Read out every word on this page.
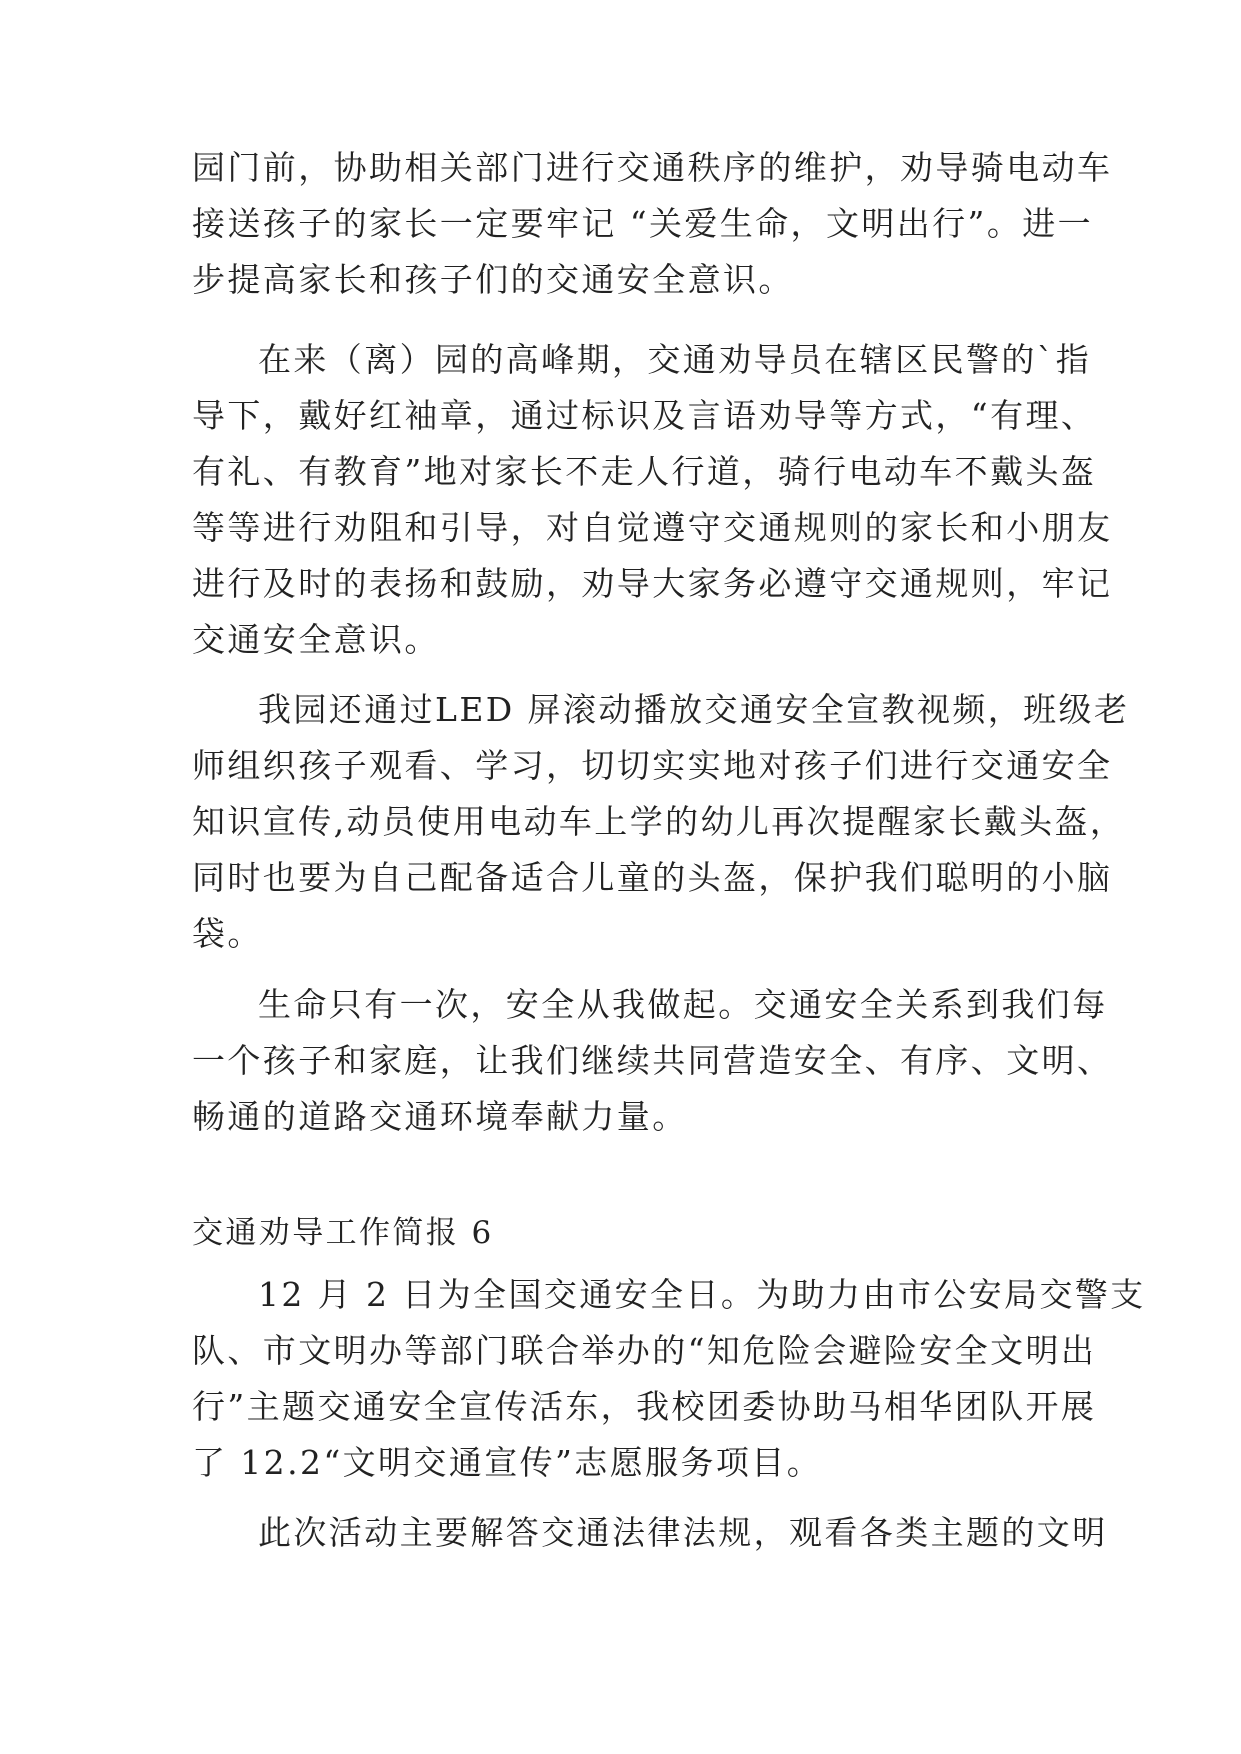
园门前，协助相关部门进行交通秩序的维护，劝导骑电动车
接送孩子的家长一定要牢记 “关爱生命，文明出行”。进一
步提高家长和孩子们的交通安全意识。
在来（离）园的高峰期，交通劝导员在辖区民警的`指
导下，戴好红袖章，通过标识及言语劝导等方式，“有理、
有礼、有教育”地对家长不走人行道，骑行电动车不戴头盔
等等进行劝阻和引导，对自觉遵守交通规则的家长和小朋友
进行及时的表扬和鼓励，劝导大家务必遵守交通规则，牢记
交通安全意识。
我园还通过LED 屏滚动播放交通安全宣教视频，班级老
师组织孩子观看、学习，切切实实地对孩子们进行交通安全
知识宣传,动员使用电动车上学的幼儿再次提醒家长戴头盔，
同时也要为自己配备适合儿童的头盔，保护我们聪明的小脑
袋。
生命只有一次，安全从我做起。交通安全关系到我们每
一个孩子和家庭，让我们继续共同营造安全、有序、文明、
畅通的道路交通环境奉献力量。
交通劝导工作简报 6
12 月 2 日为全国交通安全日。为助力由市公安局交警支
队、市文明办等部门联合举办的“知危险会避险安全文明出
行”主题交通安全宣传活东，我校团委协助马相华团队开展
了 12.2“文明交通宣传”志愿服务项目。
此次活动主要解答交通法律法规，观看各类主题的文明
